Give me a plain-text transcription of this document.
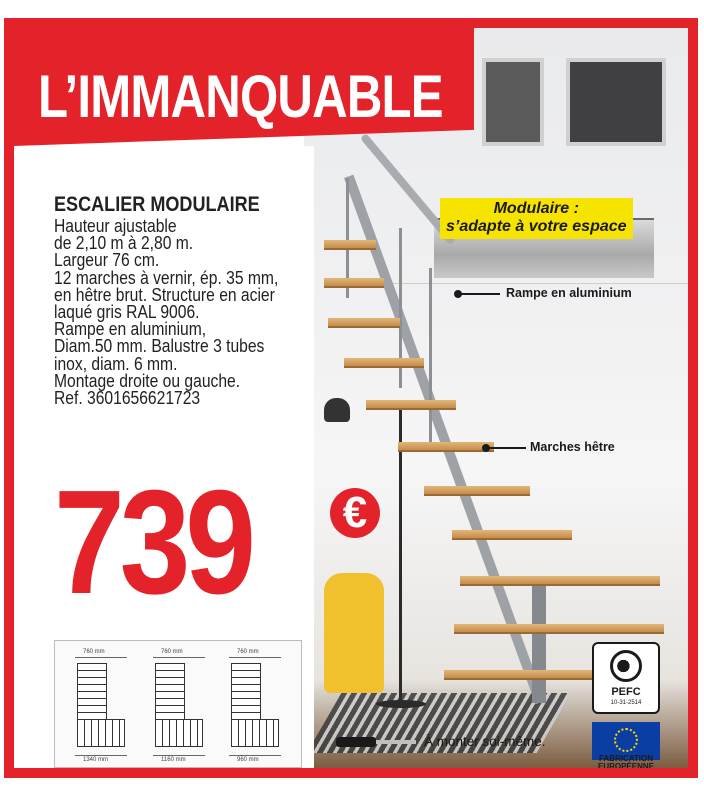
L’IMMANQUABLE
ESCALIER MODULAIRE
Hauteur ajustable
de 2,10 m à 2,80 m.
Largeur 76 cm.
12 marches à vernir, ép. 35 mm,
en hêtre brut. Structure en acier
laqué gris RAL 9006.
Rampe en aluminium,
Diam.50 mm. Balustre 3 tubes
inox, diam. 6 mm.
Montage droite ou gauche.
Ref. 3601656621723
739 €
Modulaire :
s’adapte à votre espace
Rampe en aluminium
Marches hêtre
760 mm
1340 mm
760 mm
1160 mm
760 mm
960 mm
À monter soi-même.
PEFC
10-31-2514
FABRICATION
EUROPÉENNE
